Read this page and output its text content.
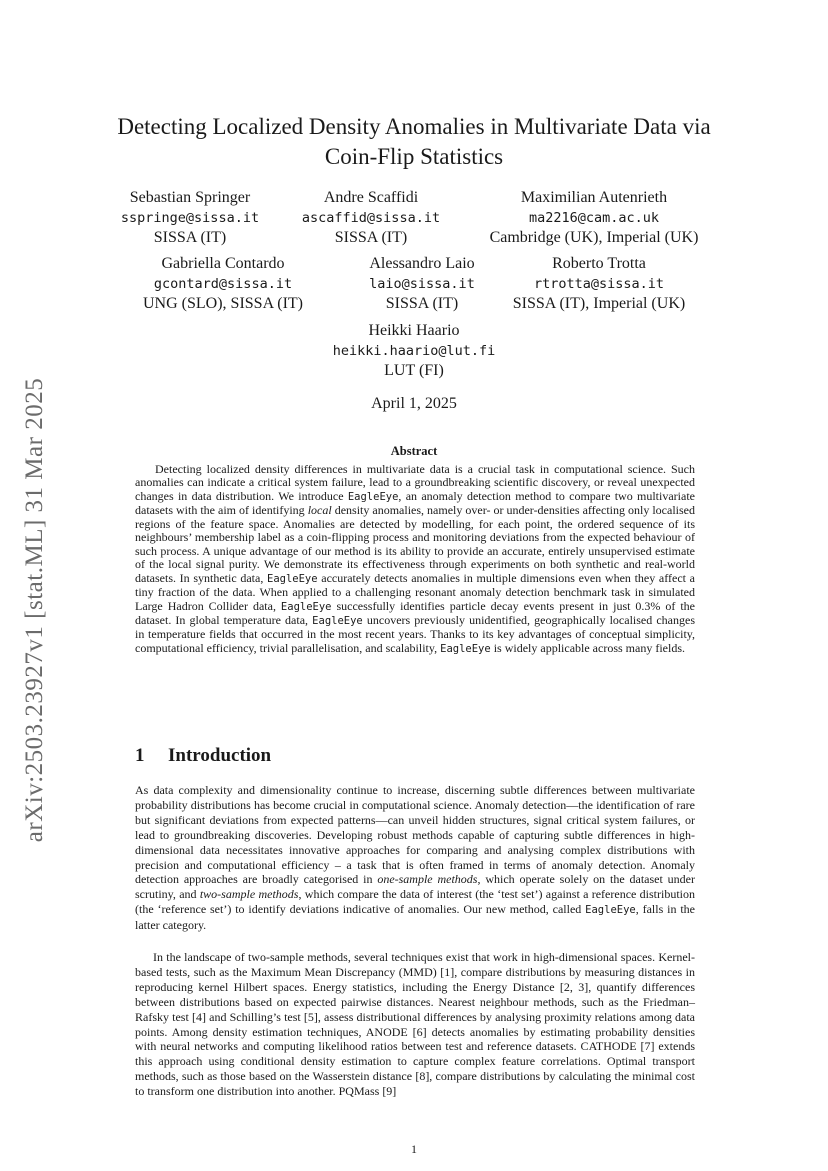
arXiv:2503.23927v1 [stat.ML] 31 Mar 2025
Detecting Localized Density Anomalies in Multivariate Data via Coin-Flip Statistics
Sebastian Springer
sspringe@sissa.it
SISSA (IT)
Andre Scaffidi
ascaffid@sissa.it
SISSA (IT)
Maximilian Autenrieth
ma2216@cam.ac.uk
Cambridge (UK), Imperial (UK)
Gabriella Contardo
gcontard@sissa.it
UNG (SLO), SISSA (IT)
Alessandro Laio
laio@sissa.it
SISSA (IT)
Roberto Trotta
rtrotta@sissa.it
SISSA (IT), Imperial (UK)
Heikki Haario
heikki.haario@lut.fi
LUT (FI)
April 1, 2025
Abstract

Detecting localized density differences in multivariate data is a crucial task in computational science. Such anomalies can indicate a critical system failure, lead to a groundbreaking scientific discovery, or reveal unexpected changes in data distribution. We introduce EagleEye, an anomaly detection method to compare two multivariate datasets with the aim of identifying local density anomalies, namely over- or under-densities affecting only localised regions of the feature space. Anomalies are detected by modelling, for each point, the ordered sequence of its neighbours’ membership label as a coin-flipping process and monitoring deviations from the expected behaviour of such process. A unique advantage of our method is its ability to provide an accurate, entirely unsupervised estimate of the local signal purity. We demonstrate its effectiveness through experiments on both synthetic and real-world datasets. In synthetic data, EagleEye accurately detects anomalies in multiple dimensions even when they affect a tiny fraction of the data. When applied to a challenging resonant anomaly detection benchmark task in simulated Large Hadron Collider data, EagleEye successfully identifies particle decay events present in just 0.3% of the dataset. In global temperature data, EagleEye uncovers previously unidentified, geographically localised changes in temperature fields that occurred in the most recent years. Thanks to its key advantages of conceptual simplicity, computational efficiency, trivial parallelisation, and scalability, EagleEye is widely applicable across many fields.

1 Introduction

As data complexity and dimensionality continue to increase, discerning subtle differences between multivariate probability distributions has become crucial in computational science. Anomaly detection—the identification of rare but significant deviations from expected patterns—can unveil hidden structures, signal critical system failures, or lead to groundbreaking discoveries. Developing robust methods capable of capturing subtle differences in high-dimensional data necessitates innovative approaches for comparing and analysing complex distributions with precision and computational efficiency – a task that is often framed in terms of anomaly detection. Anomaly detection approaches are broadly categorised in one-sample methods, which operate solely on the dataset under scrutiny, and two-sample methods, which compare the data of interest (the ‘test set’) against a reference distribution (the ‘reference set’) to identify deviations indicative of anomalies. Our new method, called EagleEye, falls in the latter category.

In the landscape of two-sample methods, several techniques exist that work in high-dimensional spaces. Kernel-based tests, such as the Maximum Mean Discrepancy (MMD) [1], compare distributions by measuring distances in reproducing kernel Hilbert spaces. Energy statistics, including the Energy Distance [2, 3], quantify differences between distributions based on expected pairwise distances. Nearest neighbour methods, such as the Friedman–Rafsky test [4] and Schilling’s test [5], assess distributional differences by analysing proximity relations among data points. Among density estimation techniques, ANODE [6] detects anomalies by estimating probability densities with neural networks and computing likelihood ratios between test and reference datasets. CATHODE [7] extends this approach using conditional density estimation to capture complex feature correlations. Optimal transport methods, such as those based on the Wasserstein distance [8], compare distributions by calculating the minimal cost to transform one distribution into another. PQMass [9]

1
